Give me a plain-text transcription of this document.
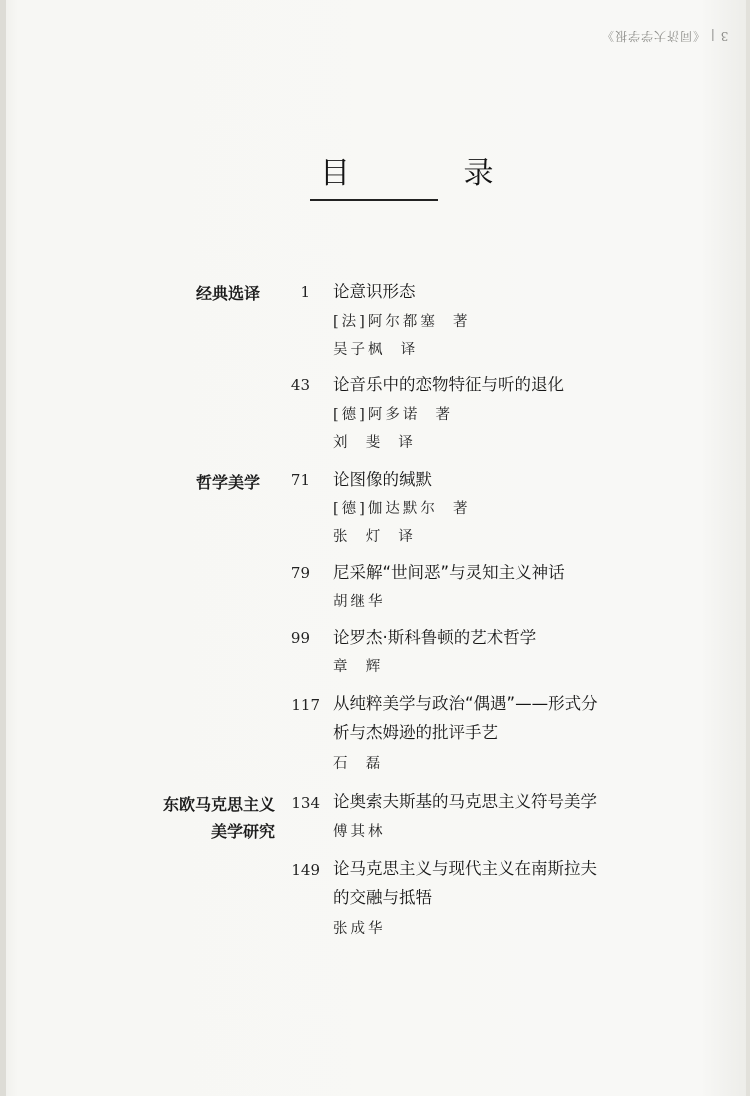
3 | 《同济大学学报》
目 录
经典选译
哲学美学
东欧马克思主义
美学研究
1 论意识形态
[法]阿尔都塞  著
吴子枫  译
43 论音乐中的恋物特征与听的退化
[德]阿多诺  著
刘  斐  译
71 论图像的缄默
[德]伽达默尔  著
张  灯  译
79 尼采解“世间恶”与灵知主义神话
胡继华
99 论罗杰·斯科鲁顿的艺术哲学
章  辉
117 从纯粹美学与政治“偶遇”——形式分
析与杰姆逊的批评手艺
石  磊
134 论奥索夫斯基的马克思主义符号美学
傅其林
149 论马克思主义与现代主义在南斯拉夫
的交融与抵牾
张成华
